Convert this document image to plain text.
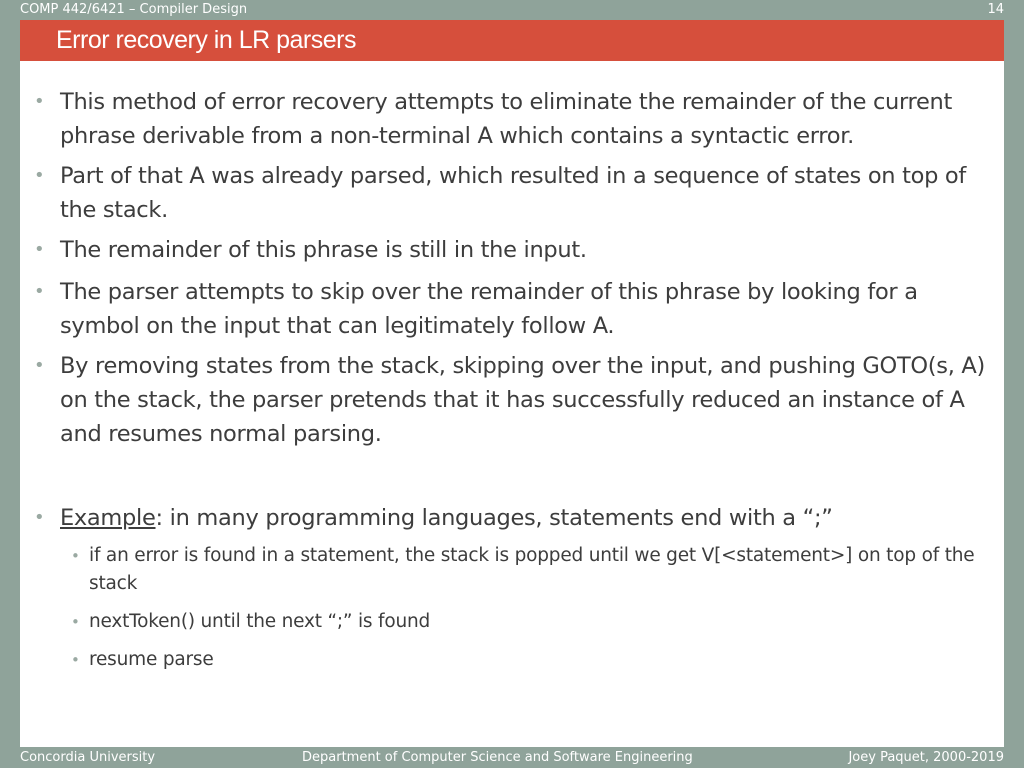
COMP 442/6421 – Compiler Design	14
Error recovery in LR parsers
• This method of error recovery attempts to eliminate the remainder of the current phrase derivable from a non-terminal A which contains a syntactic error.
• Part of that A was already parsed, which resulted in a sequence of states on top of the stack.
• The remainder of this phrase is still in the input.
• The parser attempts to skip over the remainder of this phrase by looking for a symbol on the input that can legitimately follow A.
• By removing states from the stack, skipping over the input, and pushing GOTO(s, A) on the stack, the parser pretends that it has successfully reduced an instance of A and resumes normal parsing.
• Example: in many programming languages, statements end with a “;”
• if an error is found in a statement, the stack is popped until we get V[<statement>] on top of the stack
• nextToken() until the next “;” is found
• resume parse
Concordia University	Department of Computer Science and Software Engineering	Joey Paquet, 2000-2019
